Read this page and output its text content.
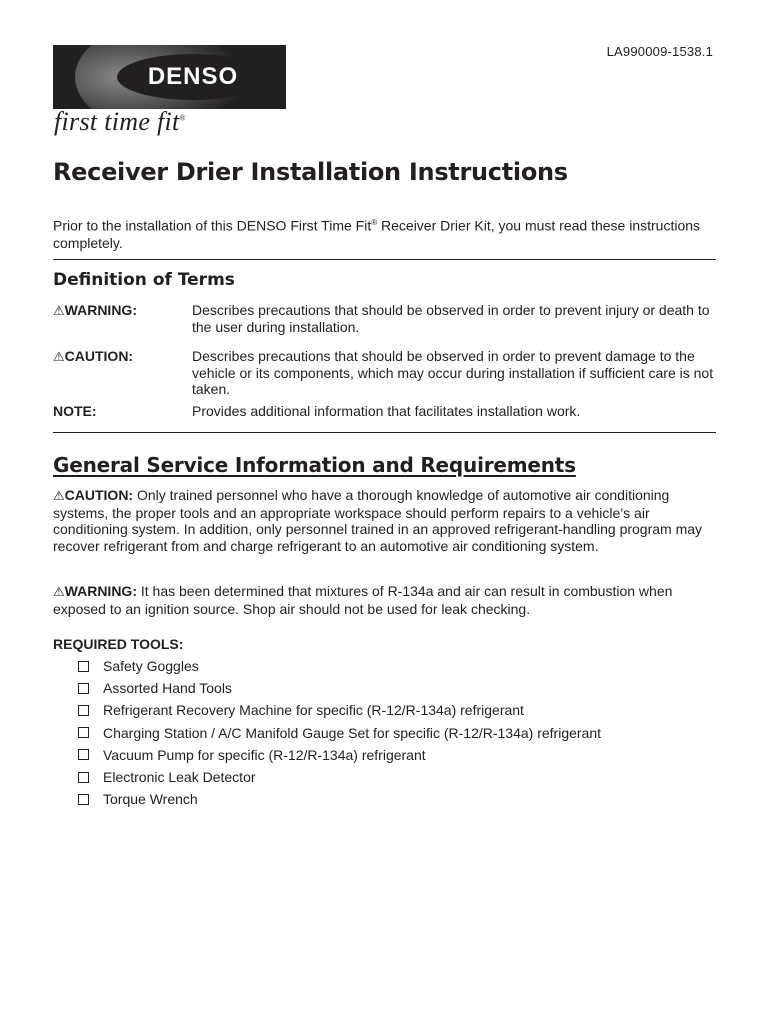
LA990009-1538.1
DENSO
first time fit®
Receiver Drier Installation Instructions

Prior to the installation of this DENSO First Time Fit® Receiver Drier Kit, you must read these instructions completely.

Definition of Terms
⚠WARNING:	Describes precautions that should be observed in order to prevent injury or death to the user during installation.
⚠CAUTION:	Describes precautions that should be observed in order to prevent damage to the vehicle or its components, which may occur during installation if sufficient care is not taken.
NOTE:	Provides additional information that facilitates installation work.
General Service Information and Requirements

⚠CAUTION: Only trained personnel who have a thorough knowledge of automotive air conditioning systems, the proper tools and an appropriate workspace should perform repairs to a vehicle’s air conditioning system. In addition, only personnel trained in an approved refrigerant-handling program may recover refrigerant from and charge refrigerant to an automotive air conditioning system.

⚠WARNING: It has been determined that mixtures of R-134a and air can result in combustion when exposed to an ignition source. Shop air should not be used for leak checking.

REQUIRED TOOLS:

Safety Goggles
Assorted Hand Tools
Refrigerant Recovery Machine for specific (R-12/R-134a) refrigerant
Charging Station / A/C Manifold Gauge Set for specific (R-12/R-134a) refrigerant
Vacuum Pump for specific (R-12/R-134a) refrigerant
Electronic Leak Detector
Torque Wrench
